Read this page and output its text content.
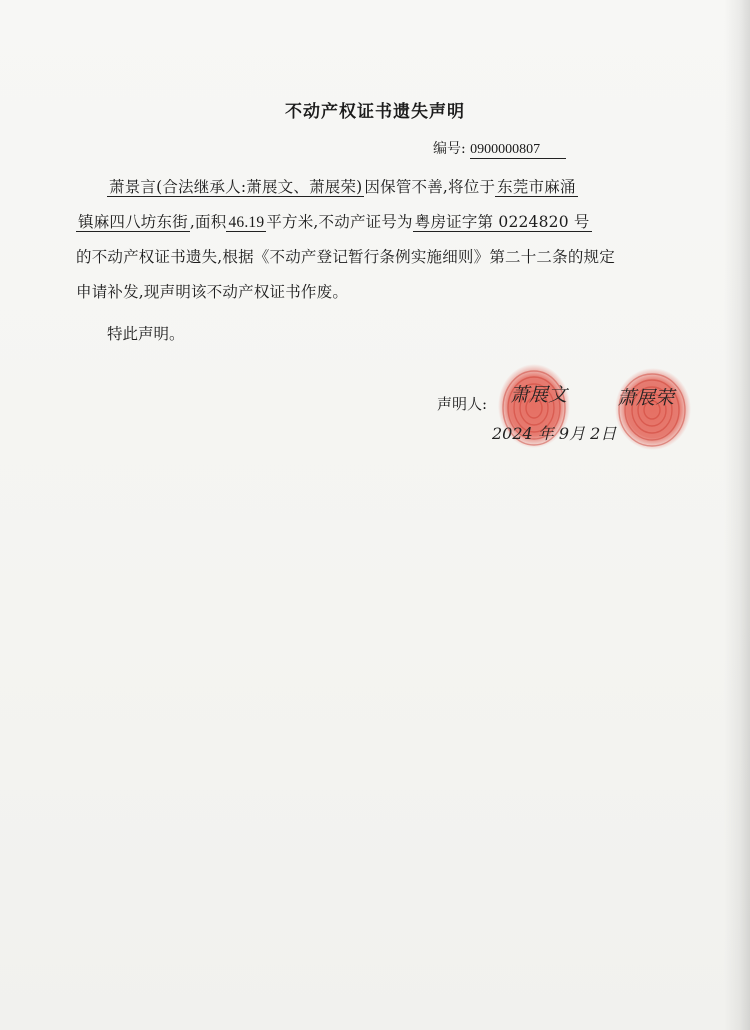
不动产权证书遗失声明
编号: 0900000807
萧景言(合法继承人:萧展文、萧展荣) 因保管不善,将位于 东莞市麻涌
镇麻四八坊东街 ,面积 46.19 平方米,不动产证号为 粤房证字第 0224820 号
的不动产权证书遗失,根据《不动产登记暂行条例实施细则》第二十二条的规定
申请补发,现声明该不动产权证书作废。
特此声明。
声明人: 萧展文	萧展荣
2024 年 9月 2日
